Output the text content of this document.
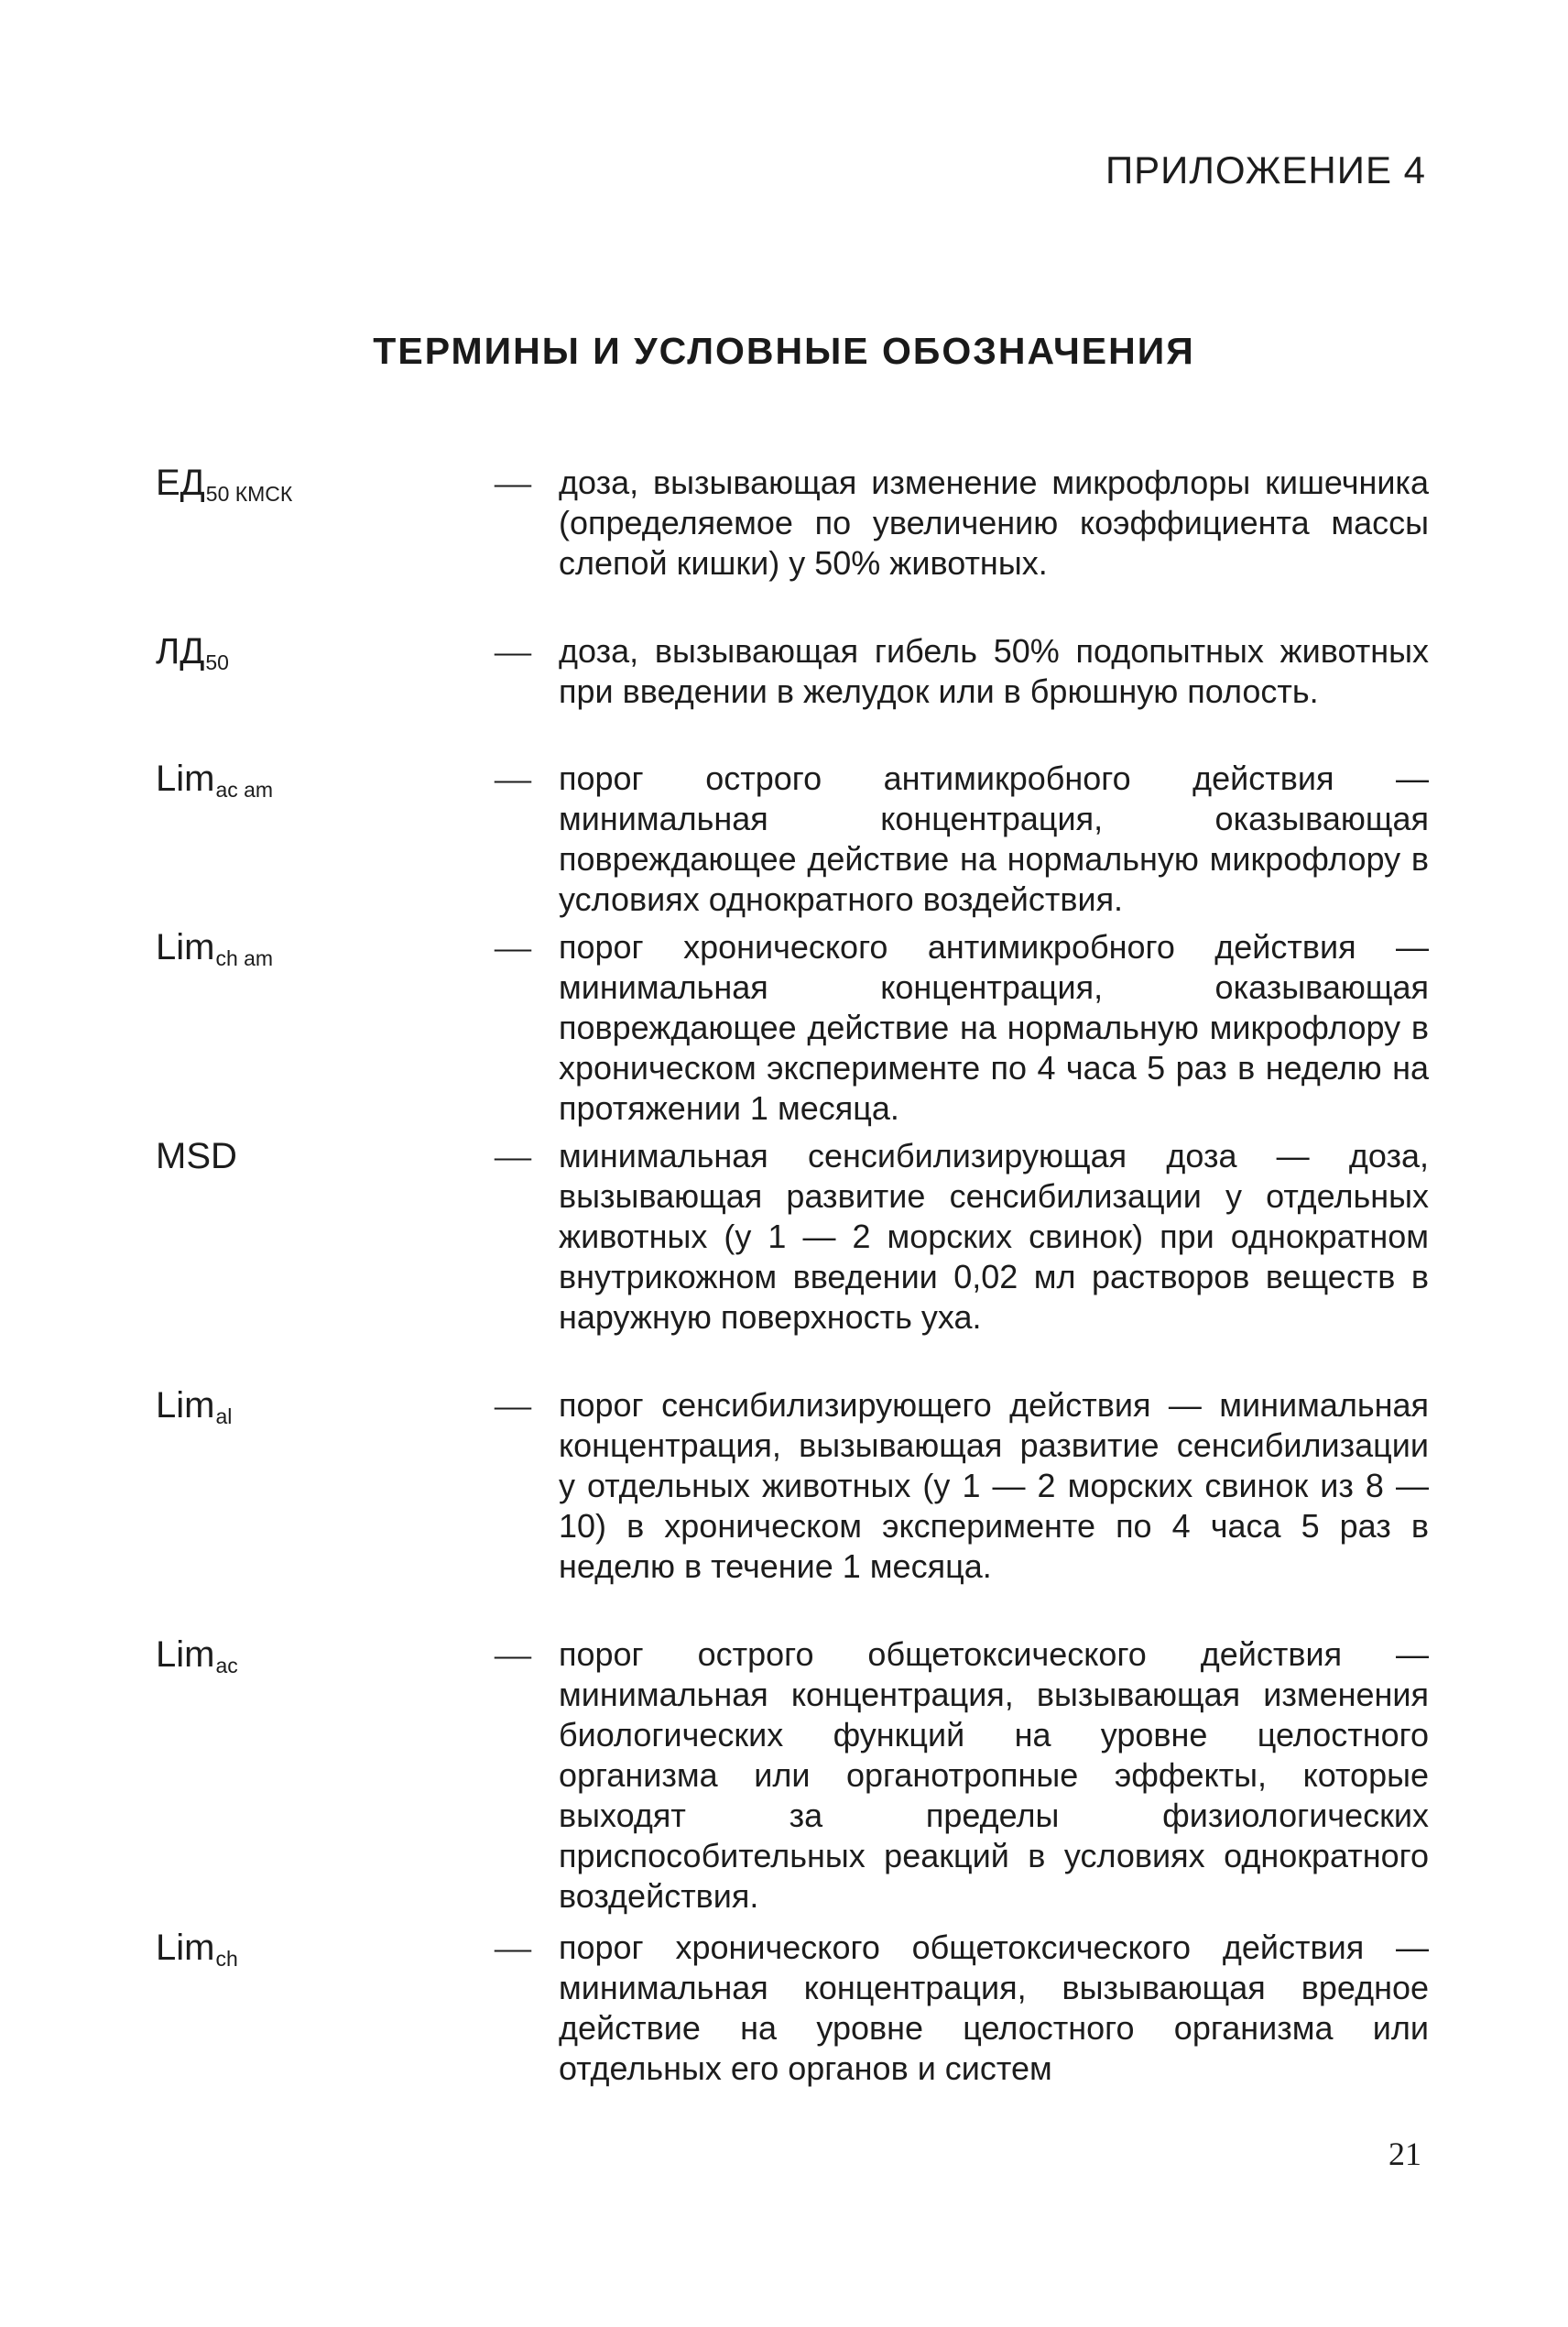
ПРИЛОЖЕНИЕ 4
ТЕРМИНЫ И УСЛОВНЫЕ ОБОЗНАЧЕНИЯ
ЕД50 КМСК	— доза, вызывающая изменение микрофлоры кишечника (определяемое по увеличению коэффициента массы слепой кишки) у 50% животных.
ЛД50	— доза, вызывающая гибель 50% подопытных животных при введении в желудок или в брюшную полость.
Limac am	— порог острого антимикробного действия — минимальная концентрация, оказывающая повреждающее действие на нормальную микрофлору в условиях однократного воздействия.
Limch am	— порог хронического антимикробного действия — минимальная концентрация, оказывающая повреждающее действие на нормальную микрофлору в хроническом эксперименте по 4 часа 5 раз в неделю на протяжении 1 месяца.
MSD	— минимальная сенсибилизирующая доза — доза, вызывающая развитие сенсибилизации у отдельных животных (у 1 — 2 морских свинок) при однократном внутрикожном введении 0,02 мл растворов веществ в наружную поверхность уха.
Limal	— порог сенсибилизирующего действия — минимальная концентрация, вызывающая развитие сенсибилизации у отдельных животных (у 1 — 2 морских свинок из 8 — 10) в хроническом эксперименте по 4 часа 5 раз в неделю в течение 1 месяца.
Limac	— порог острого общетоксического действия — минимальная концентрация, вызывающая изменения биологических функций на уровне целостного организма или органотропные эффекты, которые выходят за пределы физиологических приспособительных реакций в условиях однократного воздействия.
Limch	— порог хронического общетоксического действия — минимальная концентрация, вызывающая вредное действие на уровне целостного организма или отдельных его органов и систем
21
